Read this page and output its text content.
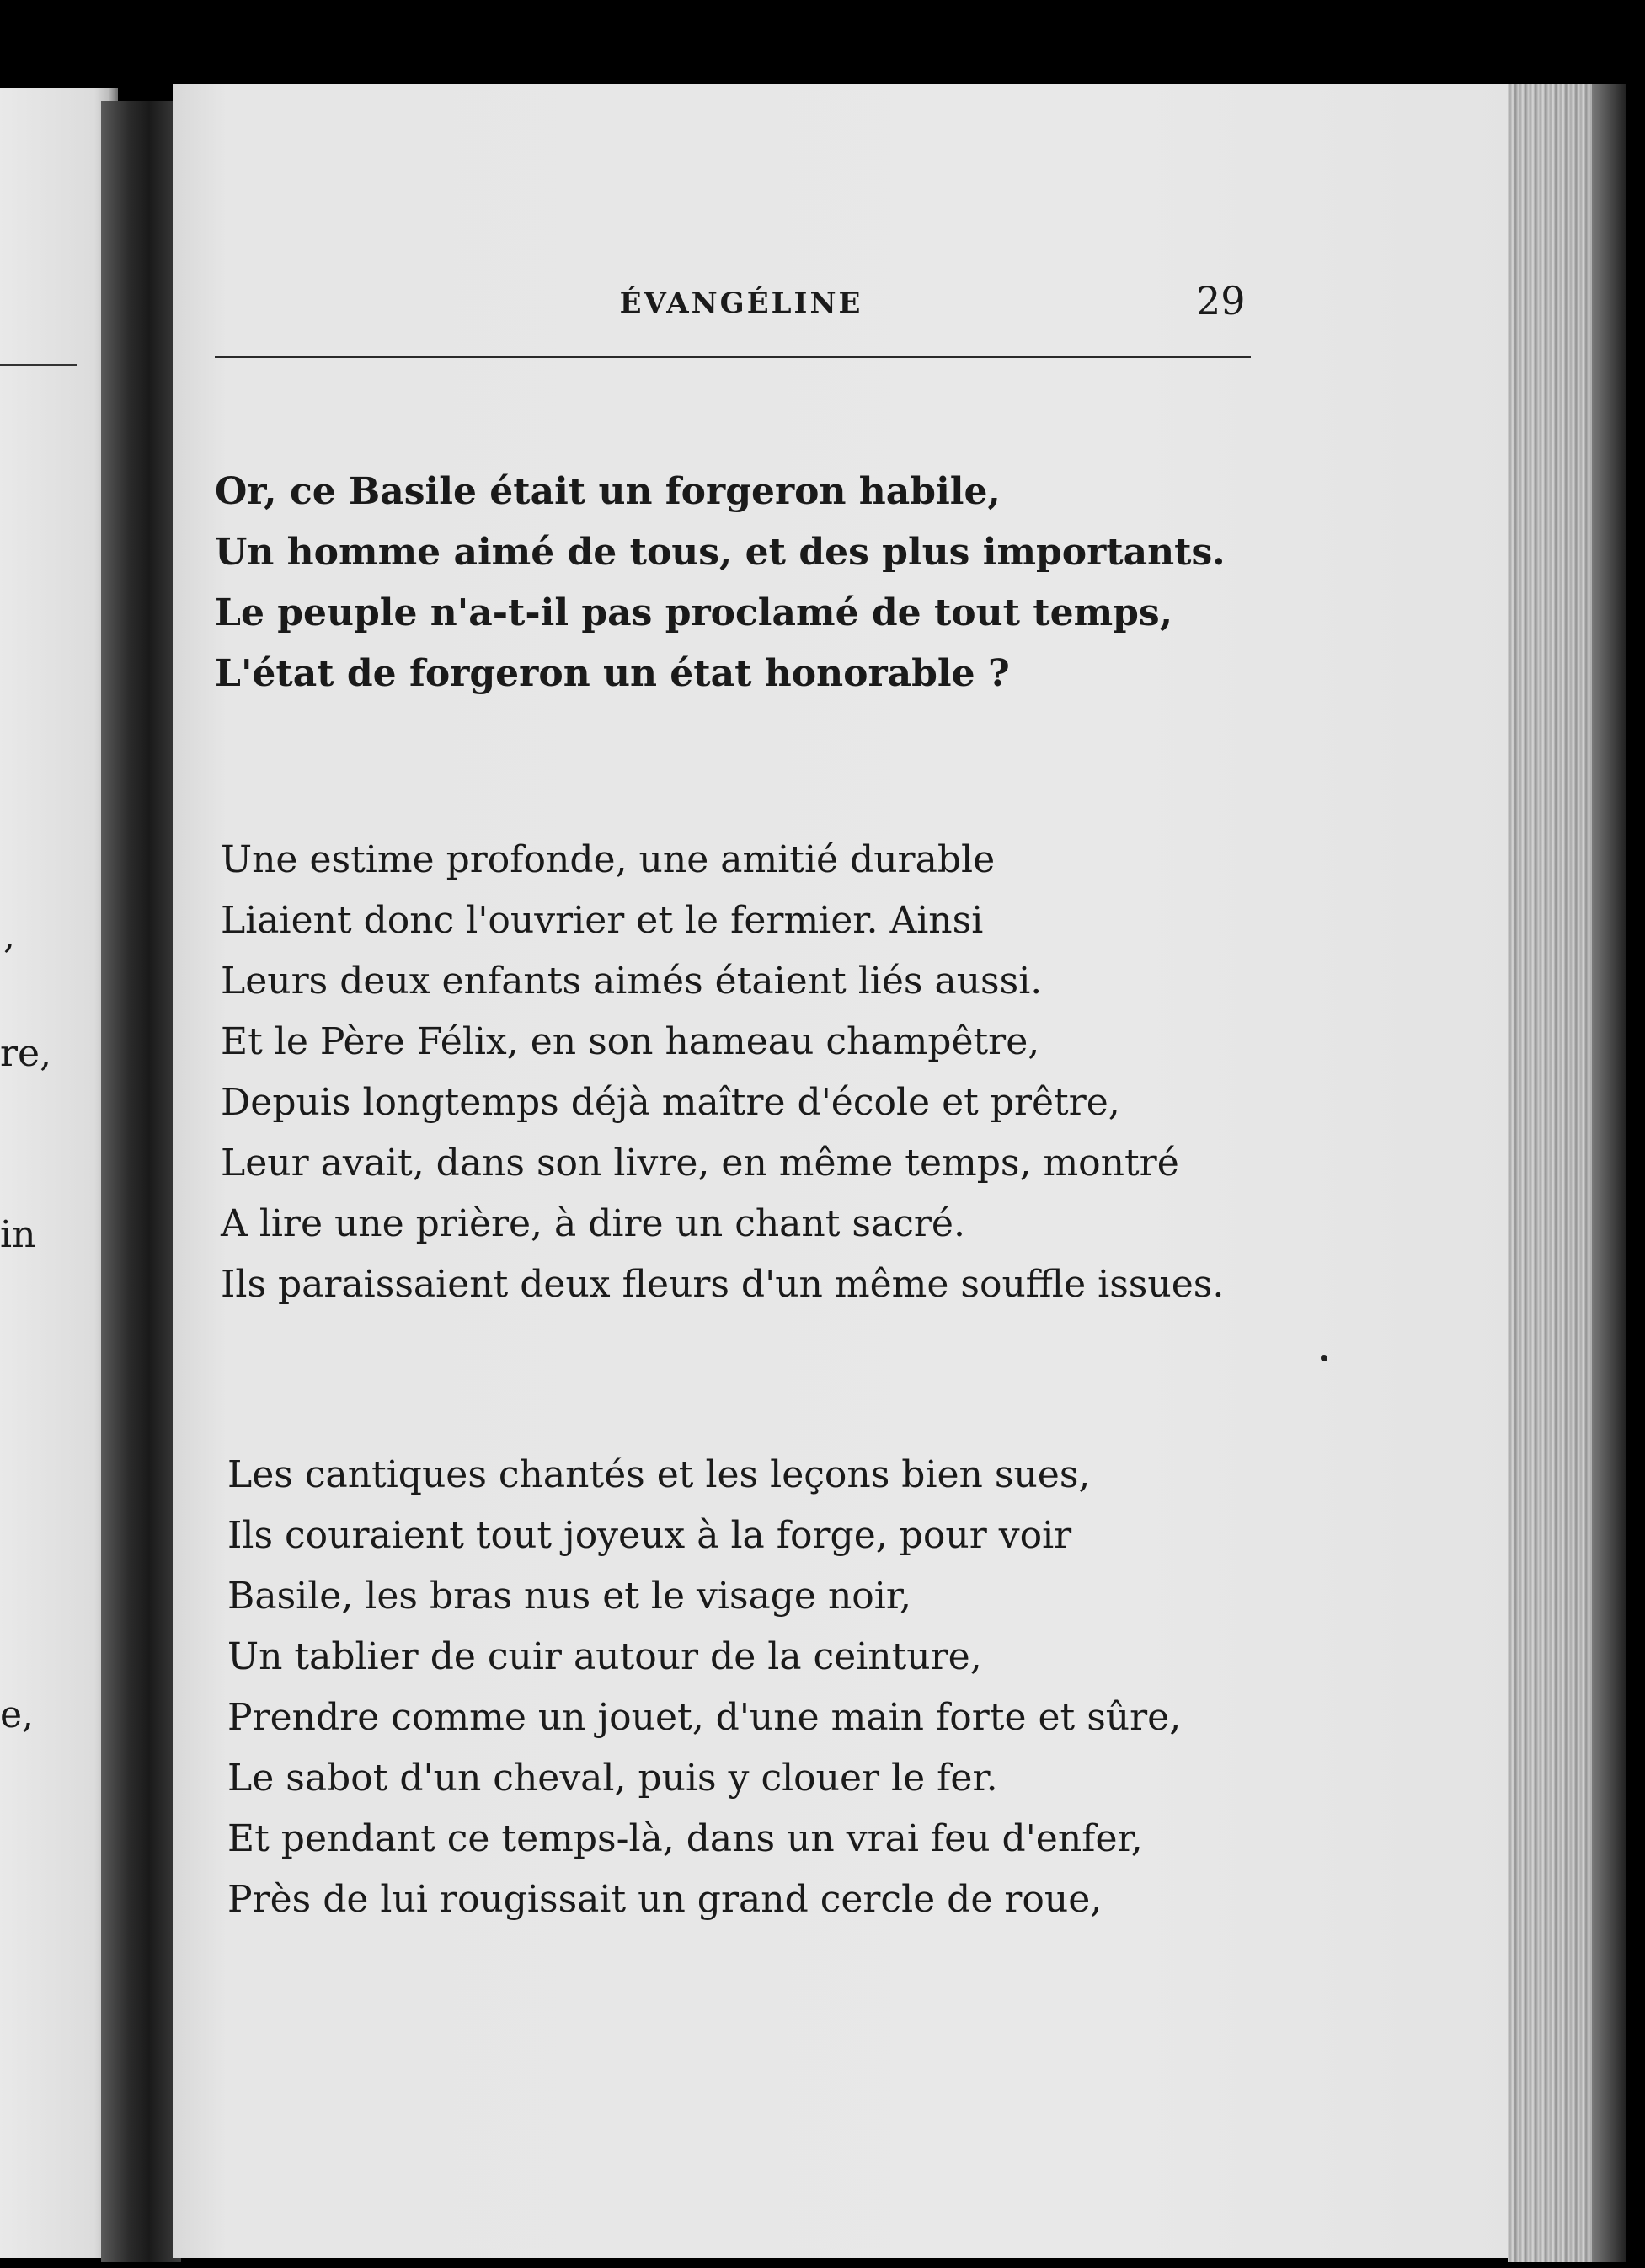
,
re,
in
e,
ÉVANGÉLINE	29
Or, ce Basile était un forgeron habile,
Un homme aimé de tous, et des plus importants.
Le peuple n'a-t-il pas proclamé de tout temps,
L'état de forgeron un état honorable ?
Une estime profonde, une amitié durable
Liaient donc l'ouvrier et le fermier. Ainsi
Leurs deux enfants aimés étaient liés aussi.
Et le Père Félix, en son hameau champêtre,
Depuis longtemps déjà maître d'école et prêtre,
Leur avait, dans son livre, en même temps, montré
A lire une prière, à dire un chant sacré.
Ils paraissaient deux fleurs d'un même souffle issues.
Les cantiques chantés et les leçons bien sues,
Ils couraient tout joyeux à la forge, pour voir
Basile, les bras nus et le visage noir,
Un tablier de cuir autour de la ceinture,
Prendre comme un jouet, d'une main forte et sûre,
Le sabot d'un cheval, puis y clouer le fer.
Et pendant ce temps-là, dans un vrai feu d'enfer,
Près de lui rougissait un grand cercle de roue,
